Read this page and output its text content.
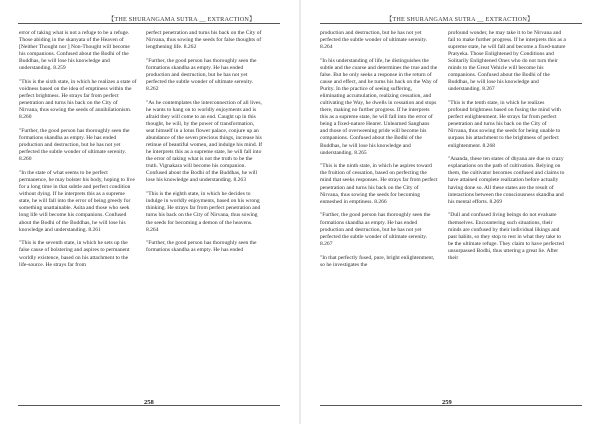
【THE SHURANGAMA SUTRA __ EXTRACTION】

error of taking what is not a refuge to be a refuge. Those abiding in the skanyata of the Heaven of [Neither Thought nor ] Non-Thought will become his companions. Confused about the Bodhi of the Buddhas, he will lose his knowledge and understanding. 8.259

"This is the sixth state, in which he realizes a state of voidness based on the idea of emptiness within the perfect brightness. He strays far from perfect penetration and turns his back on the City of Nirvana, thus sowing the seeds of annihilationism. 8.260

"Further, the good person has thoroughly seen the formations skandha as empty. He has ended production and destruction, but he has not yet perfected the subtle wonder of ultimate serenity. 8.260

"In the state of what seems to be perfect permanence, he may bolster his body, hoping to live for a long time in that subtle and perfect condition without dying. If he interprets this as a supreme state, he will fall into the error of being greedy for something unattainable. Asita and those who seek long life will become his companions. Confused about the Bodhi of the Buddhas, he will lose his knowledge and understanding. 8.261

"This is the seventh state, in which he sets up the false cause of bolstering and aspires to permanent worldly existence, based on his attachment to the life-source. He strays far from

perfect penetration and turns his back on the City of Nirvana, thus sowing the seeds for false thoughts of lengthening life. 8.262

"Further, the good person has thoroughly seen the formations skandha as empty. He has ended production and destruction, but he has not yet perfected the subtle wonder of ultimate serenity. 8.262

"As he contemplates the interconnection of all lives, he wants to hang on to worldly enjoyments and is afraid they will come to an end. Caught up in this thought, he will, by the power of transformation, seat himself in a lotus flower palace, conjure up an abundance of the seven precious things, increase his retinue of beautiful women, and indulge his mind. If he interprets this as a supreme state, he will fall into the error of taking what is not the truth to be the truth. Vignakara will become his companion. Confused about the Bodhi of the Buddhas, he will lose his knowledge and understanding. 8.263

"This is the eighth state, in which he decides to indulge in worldly enjoyments, based on his wrong thinking. He strays far from perfect penetration and turns his back on the City of Nirvana, thus sowing the seeds for becoming a demon of the heavens. 8.264

"Further, the good person has thoroughly seen the formations skandha as empty. He has ended

258
【THE SHURANGAMA SUTRA __ EXTRACTION】

production and destruction, but he has not yet perfected the subtle wonder of ultimate serenity. 8.264

"In his understanding of life, he distinguishes the subtle and the coarse and determines the true and the false. But he only seeks a response in the return of cause and effect, and he turns his back on the Way of Purity. In the practice of seeing suffering, eliminating accumulation, realizing cessation, and cultivating the Way, he dwells in cessation and stops there, making no further progress. If he interprets this as a supreme state, he will fall into the error of being a fixed-nature Hearer. Unlearned Sanghans and those of overweening pride will become his companions. Confused about the Bodhi of the Buddhas, he will lose his knowledge and understanding. 8.265

"This is the ninth state, in which he aspires toward the fruition of cessation, based on perfecting the mind that seeks responses. He strays far from perfect penetration and turns his back on the City of Nirvana, thus sowing the seeds for becoming enmeshed in emptiness. 8.266

"Further, the good person has thoroughly seen the formations skandha as empty. He has ended production and destruction, but he has not yet perfected the subtle wonder of ultimate serenity. 8.267

"In that perfectly fused, pure, bright enlightenment, so he investigates the

profound wonder, he may take it to be Nirvana and fail to make further progress. If he interprets this as a supreme state, he will fall and become a fixed-nature Pratyeka. Those Enlightened by Conditions and Solitarily Enlightened Ones who do not turn their minds to the Great Vehicle will become his companions. Confused about the Bodhi of the Buddhas, he will lose his knowledge and understanding. 8.267

"This is the tenth state, in which he realizes profound brightness based on fusing the mind with perfect enlightenment. He strays far from perfect penetration and turns his back on the City of Nirvana, thus sowing the seeds for being unable to surpass his attachment to the brightness of perfect enlightenment. 8.268

"Ananda, these ten states of dhyana are due to crazy explanations on the path of cultivation. Relying on them, the cultivator becomes confused and claims to have attained complete realization before actually having done so. All these states are the result of interactions between the consciousness skandha and his mental efforts. 8.269

"Dull and confused living beings do not evaluate themselves. Encountering such situations, their minds are confused by their individual likings and past habits, so they stop to rest in what they take to be the ultimate refuge. They claim to have perfected unsurpassed Bodhi, thus uttering a great lie. After their

259
